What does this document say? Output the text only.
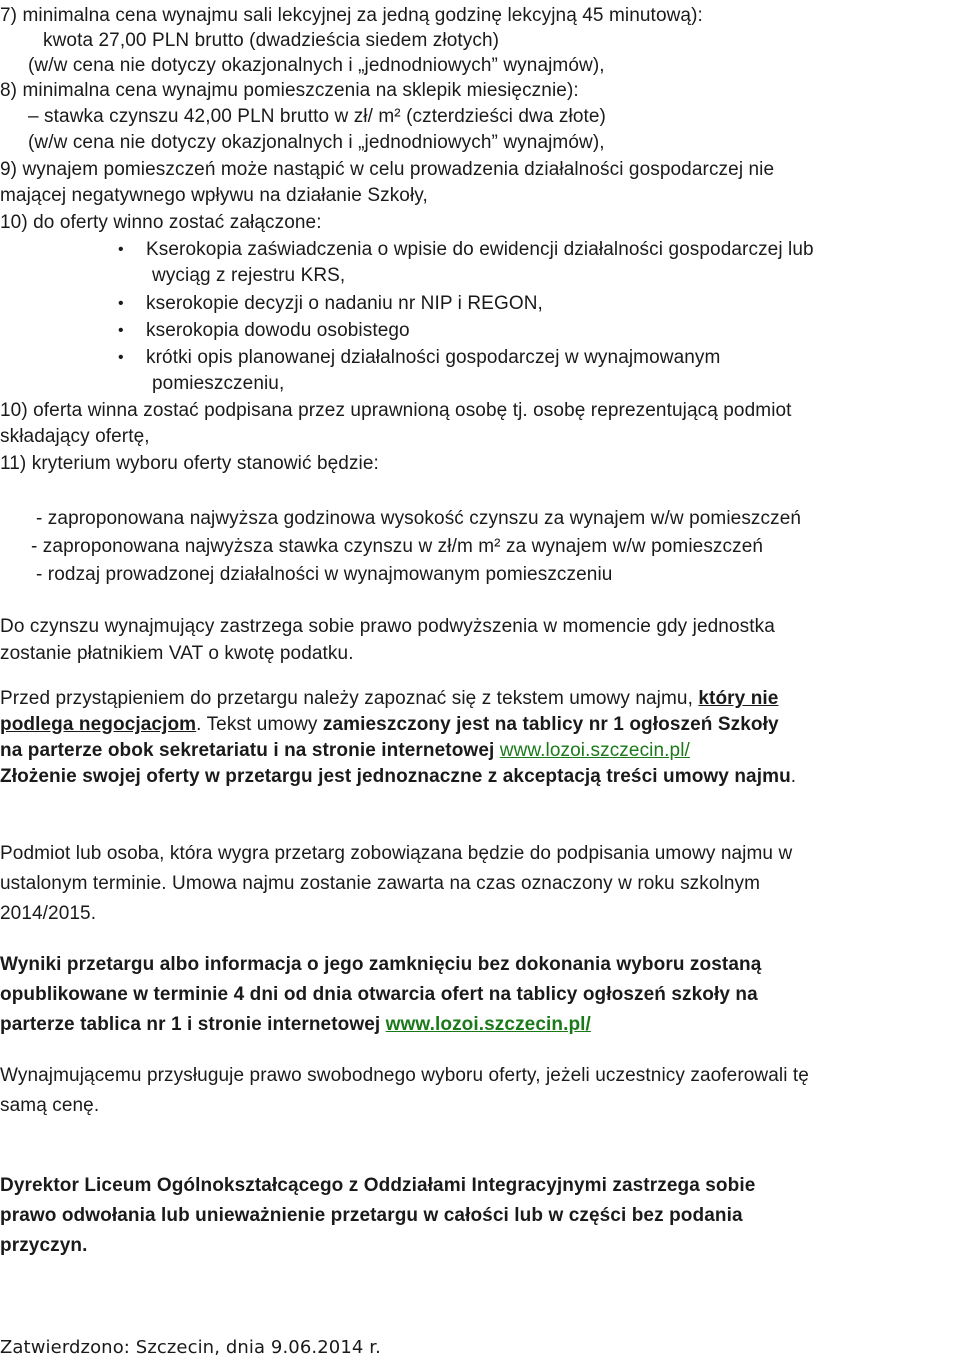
7) minimalna cena wynajmu sali lekcyjnej za jedną godzinę lekcyjną 45 minutową):
kwota 27,00 PLN brutto (dwadzieścia siedem złotych)
(w/w cena nie dotyczy okazjonalnych i „jednodniowych” wynajmów),
8) minimalna cena wynajmu pomieszczenia na sklepik miesięcznie):
– stawka czynszu 42,00 PLN brutto w zł/ m² (czterdzieści dwa złote)
(w/w cena nie dotyczy okazjonalnych i „jednodniowych” wynajmów),
9) wynajem pomieszczeń może nastąpić w celu prowadzenia działalności gospodarczej nie
mającej negatywnego wpływu na działanie Szkoły,
10) do oferty winno zostać załączone:
• Kserokopia zaświadczenia o wpisie do ewidencji działalności gospodarczej lub
wyciąg z rejestru KRS,
• kserokopie decyzji o nadaniu nr NIP i REGON,
• kserokopia dowodu osobistego
• krótki opis planowanej działalności gospodarczej w wynajmowanym
pomieszczeniu,
10) oferta winna zostać podpisana przez uprawnioną osobę tj. osobę reprezentującą podmiot
składający ofertę,
11) kryterium wyboru oferty stanowić będzie:
- zaproponowana najwyższa godzinowa wysokość czynszu za wynajem w/w pomieszczeń
- zaproponowana najwyższa stawka czynszu w zł/m m² za wynajem w/w pomieszczeń
- rodzaj prowadzonej działalności w wynajmowanym pomieszczeniu
Do czynszu wynajmujący zastrzega sobie prawo podwyższenia w momencie gdy jednostka
zostanie płatnikiem VAT o kwotę podatku.
Przed przystąpieniem do przetargu należy zapoznać się z tekstem umowy najmu, który nie
podlega negocjacjom. Tekst umowy zamieszczony jest na tablicy nr 1 ogłoszeń Szkoły
na parterze obok sekretariatu i na stronie internetowej www.lozoi.szczecin.pl/
Złożenie swojej oferty w przetargu jest jednoznaczne z akceptacją treści umowy najmu.
Podmiot lub osoba, która wygra przetarg zobowiązana będzie do podpisania umowy najmu w
ustalonym terminie. Umowa najmu zostanie zawarta na czas oznaczony w roku szkolnym
2014/2015.
Wyniki przetargu albo informacja o jego zamknięciu bez dokonania wyboru zostaną
opublikowane w terminie 4 dni od dnia otwarcia ofert na tablicy ogłoszeń szkoły na
parterze tablica nr 1 i stronie internetowej www.lozoi.szczecin.pl/
Wynajmującemu przysługuje prawo swobodnego wyboru oferty, jeżeli uczestnicy zaoferowali tę
samą cenę.
Dyrektor Liceum Ogólnokształcącego z Oddziałami Integracyjnymi zastrzega sobie
prawo odwołania lub unieważnienie przetargu w całości lub w części bez podania
przyczyn.
Zatwierdzono: Szczecin, dnia 9.06.2014 r.
